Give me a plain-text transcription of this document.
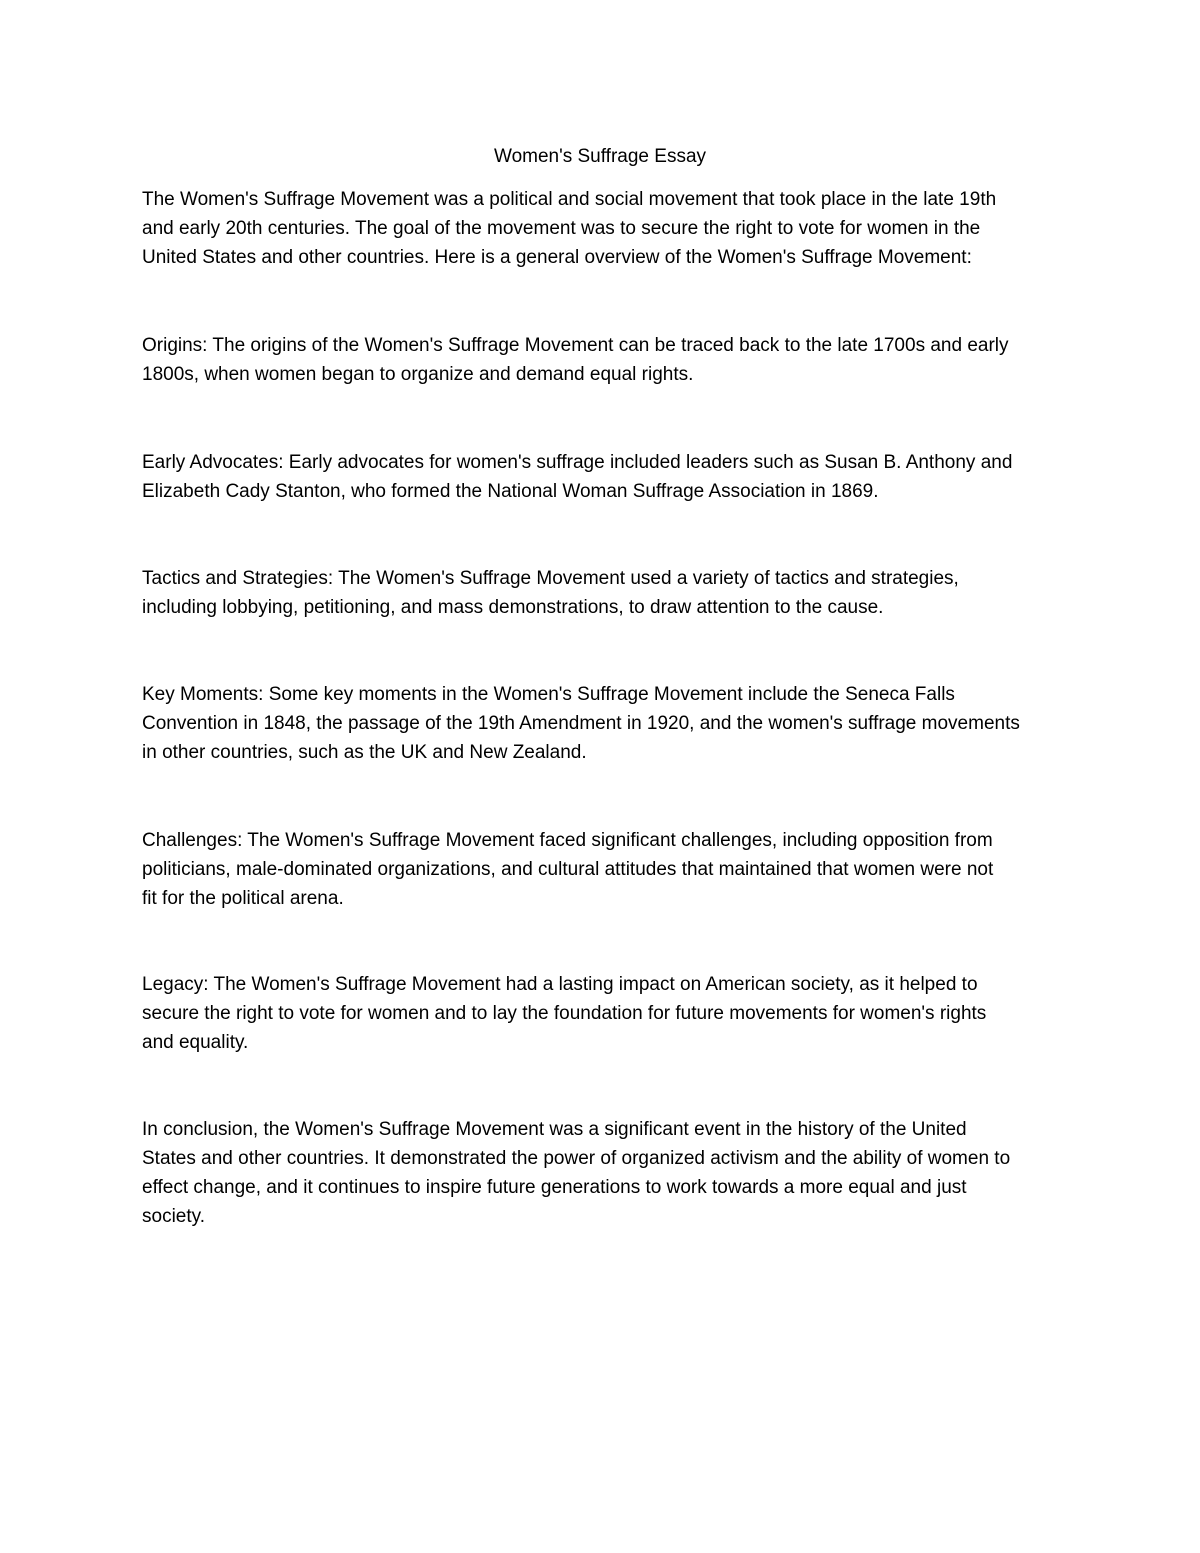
Women's Suffrage Essay

The Women's Suffrage Movement was a political and social movement that took place in the late 19th
and early 20th centuries. The goal of the movement was to secure the right to vote for women in the
United States and other countries. Here is a general overview of the Women's Suffrage Movement:

Origins: The origins of the Women's Suffrage Movement can be traced back to the late 1700s and early
1800s, when women began to organize and demand equal rights.

Early Advocates: Early advocates for women's suffrage included leaders such as Susan B. Anthony and
Elizabeth Cady Stanton, who formed the National Woman Suffrage Association in 1869.

Tactics and Strategies: The Women's Suffrage Movement used a variety of tactics and strategies,
including lobbying, petitioning, and mass demonstrations, to draw attention to the cause.

Key Moments: Some key moments in the Women's Suffrage Movement include the Seneca Falls
Convention in 1848, the passage of the 19th Amendment in 1920, and the women's suffrage movements
in other countries, such as the UK and New Zealand.

Challenges: The Women's Suffrage Movement faced significant challenges, including opposition from
politicians, male-dominated organizations, and cultural attitudes that maintained that women were not
fit for the political arena.

Legacy: The Women's Suffrage Movement had a lasting impact on American society, as it helped to
secure the right to vote for women and to lay the foundation for future movements for women's rights
and equality.

In conclusion, the Women's Suffrage Movement was a significant event in the history of the United
States and other countries. It demonstrated the power of organized activism and the ability of women to
effect change, and it continues to inspire future generations to work towards a more equal and just
society.
